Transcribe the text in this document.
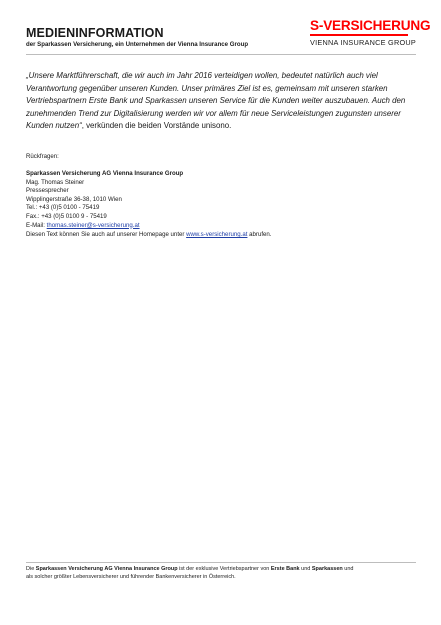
MEDIENINFORMATION
der Sparkassen Versicherung, ein Unternehmen der Vienna Insurance Group
S-VERSICHERUNG
VIENNA INSURANCE GROUP
„Unsere Marktführerschaft, die wir auch im Jahr 2016 verteidigen wollen, bedeutet natürlich auch viel Verantwortung gegenüber unseren Kunden. Unser primäres Ziel ist es, gemeinsam mit unseren starken Vertriebspartnern Erste Bank und Sparkassen unseren Service für die Kunden weiter auszubauen. Auch den zunehmenden Trend zur Digitalisierung werden wir vor allem für neue Serviceleistungen zugunsten unserer Kunden nutzen“, verkünden die beiden Vorstände unisono.
Rückfragen:
Sparkassen Versicherung AG Vienna Insurance Group
Mag. Thomas Steiner
Pressesprecher
Wipplingerstraße 36-38, 1010 Wien
Tel.: +43 (0)5 0100 - 75419
Fax.: +43 (0)5 0100 9 - 75419
E-Mail: thomas.steiner@s-versicherung.at
Diesen Text können Sie auch auf unserer Homepage unter www.s-versicherung.at abrufen.
Die Sparkassen Versicherung AG Vienna Insurance Group ist der exklusive Vertriebspartner von Erste Bank und Sparkassen und
als solcher größter Lebensversicherer und führender Bankenversicherer in Österreich.
